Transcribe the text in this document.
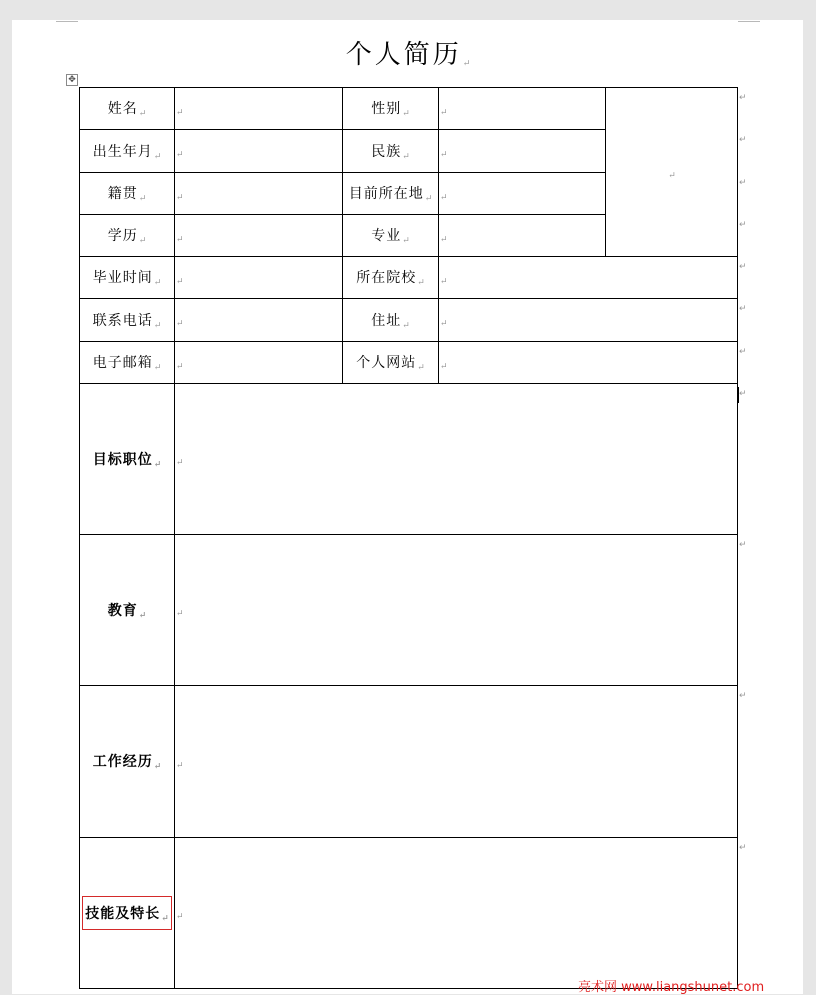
个人简历↵
✥
姓名$_↵$	$_↵$	性别$_↵$	$_↵$	$_↵$
出生年月$_↵$	$_↵$	民族$_↵$	$_↵$
籍贯$_↵$	$_↵$	目前所在地$_↵$	$_↵$
学历$_↵$	$_↵$	专业$_↵$	$_↵$
毕业时间$_↵$	$_↵$	所在院校$_↵$	$_↵$
联系电话$_↵$	$_↵$	住址$_↵$	$_↵$
电子邮箱$_↵$	$_↵$	个人网站$_↵$	$_↵$
目标职位$_↵$	$_↵$
教育$_↵$	$_↵$
工作经历$_↵$	$_↵$
技能及特长$_↵$	$_↵$
↵
↵
↵
↵
↵
↵
↵
↵
↵
↵
↵
亮术网 www.liangshunet.com
